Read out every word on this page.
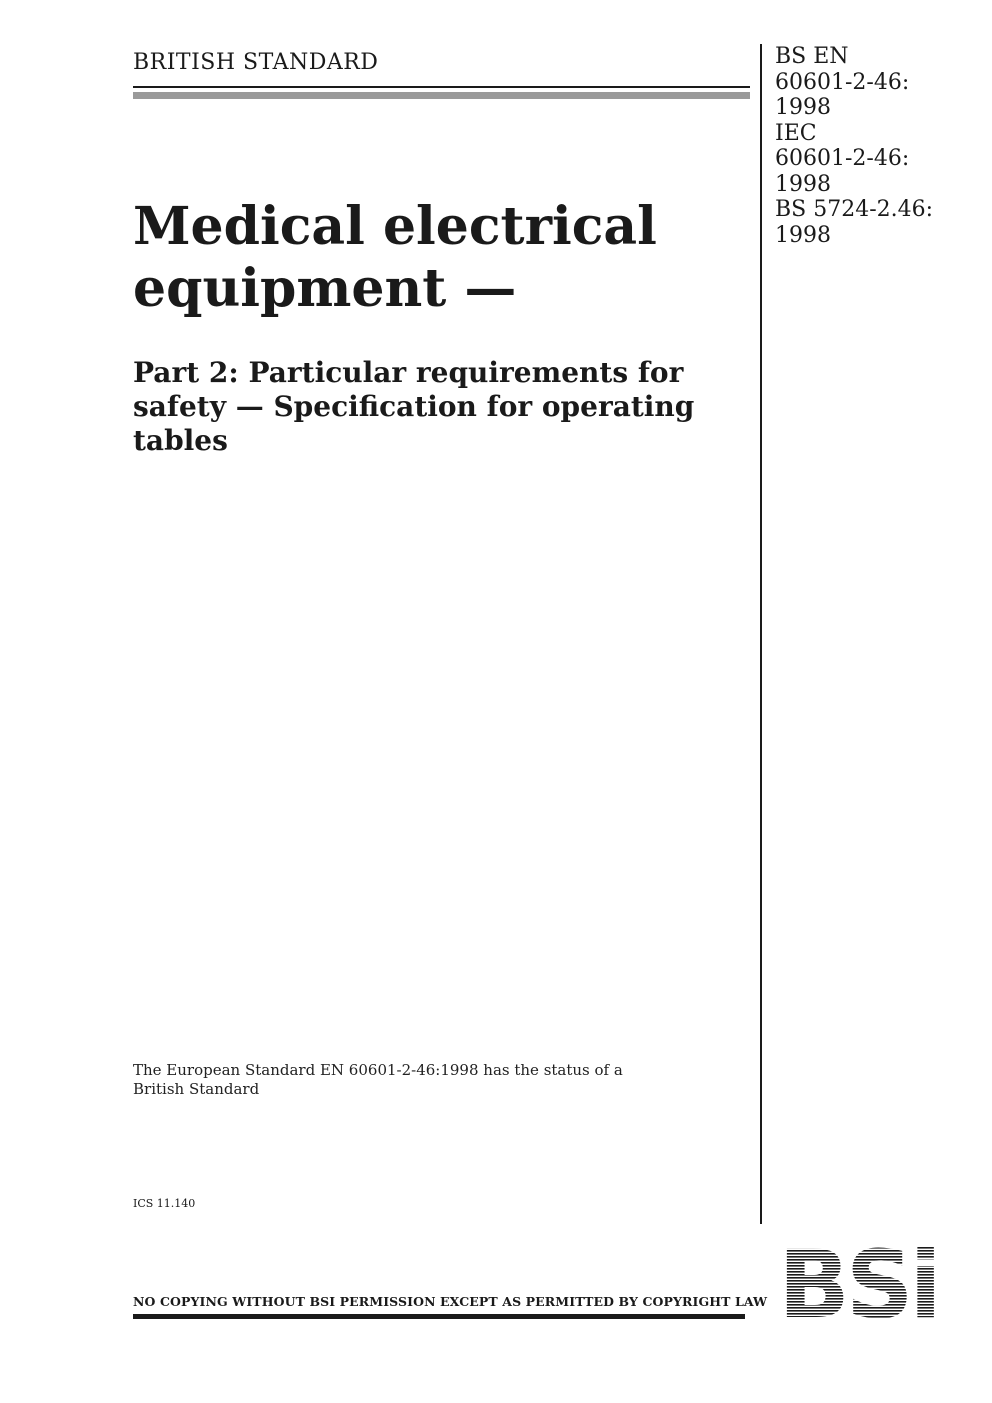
BRITISH STANDARD	BS EN
60601-2-46:
1998
IEC
60601-2-46:
1998
BS 5724-2.46:
1998
Medical electrical
equipment —
Part 2: Particular requirements for
safety — Specification for operating
tables
The European Standard EN 60601-2-46:1998 has the status of a
British Standard
ICS 11.140
NO COPYING WITHOUT BSI PERMISSION EXCEPT AS PERMITTED BY COPYRIGHT LAW BSi
